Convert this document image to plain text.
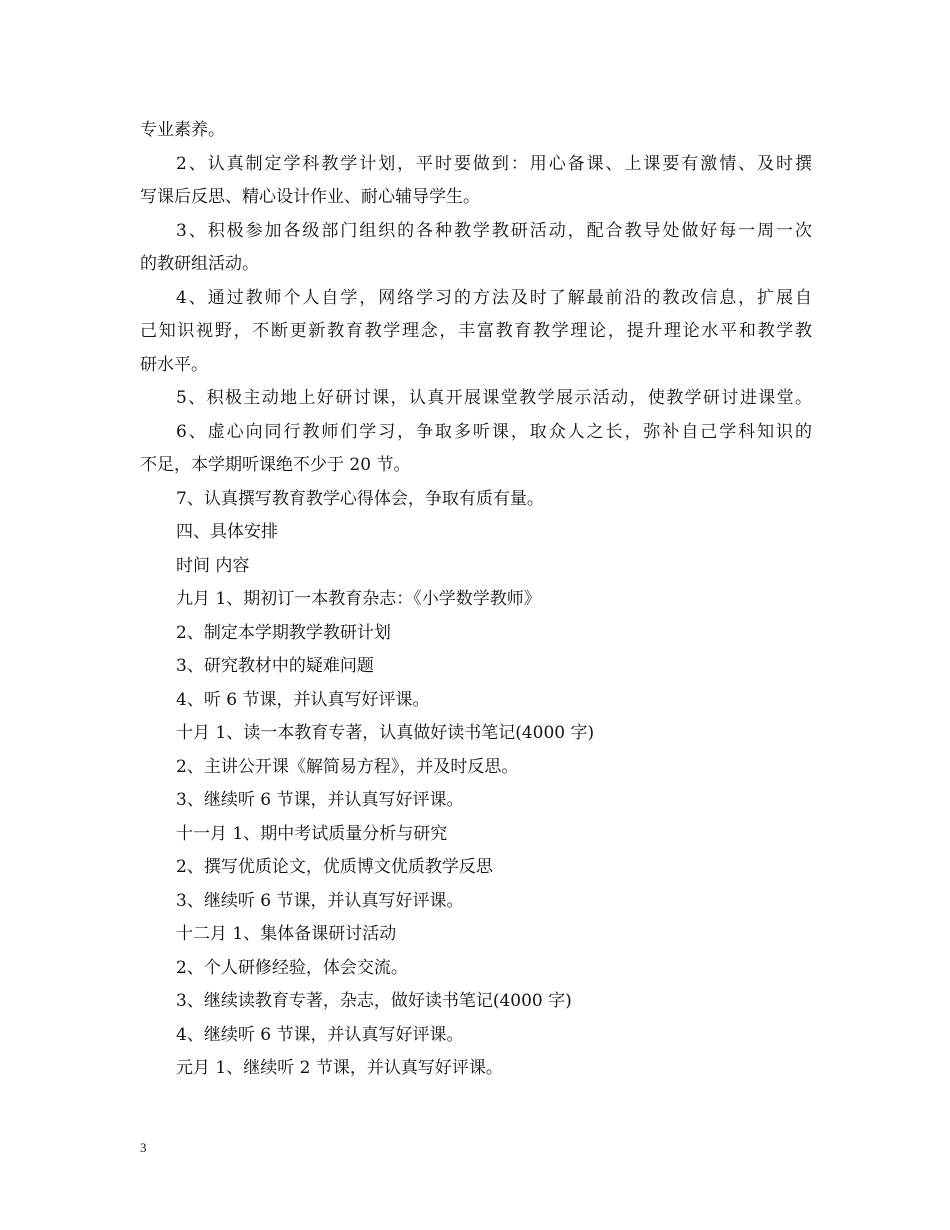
专业素养。
2、认真制定学科教学计划，平时要做到：用心备课、上课要有激情、及时撰
写课后反思、精心设计作业、耐心辅导学生。
3、积极参加各级部门组织的各种教学教研活动，配合教导处做好每一周一次
的教研组活动。
4、通过教师个人自学，网络学习的方法及时了解最前沿的教改信息，扩展自
己知识视野，不断更新教育教学理念，丰富教育教学理论，提升理论水平和教学教
研水平。
5、积极主动地上好研讨课，认真开展课堂教学展示活动，使教学研讨进课堂。
6、虚心向同行教师们学习，争取多听课，取众人之长，弥补自己学科知识的
不足，本学期听课绝不少于 20 节。
7、认真撰写教育教学心得体会，争取有质有量。
四、具体安排
时间 内容
九月 1、期初订一本教育杂志：《小学数学教师》
2、制定本学期教学教研计划
3、研究教材中的疑难问题
4、听 6 节课，并认真写好评课。
十月 1、读一本教育专著，认真做好读书笔记(4000 字)
2、主讲公开课《解简易方程》，并及时反思。
3、继续听 6 节课，并认真写好评课。
十一月 1、期中考试质量分析与研究
2、撰写优质论文，优质博文优质教学反思
3、继续听 6 节课，并认真写好评课。
十二月 1、集体备课研讨活动
2、个人研修经验，体会交流。
3、继续读教育专著，杂志，做好读书笔记(4000 字)
4、继续听 6 节课，并认真写好评课。
元月 1、继续听 2 节课，并认真写好评课。
3
